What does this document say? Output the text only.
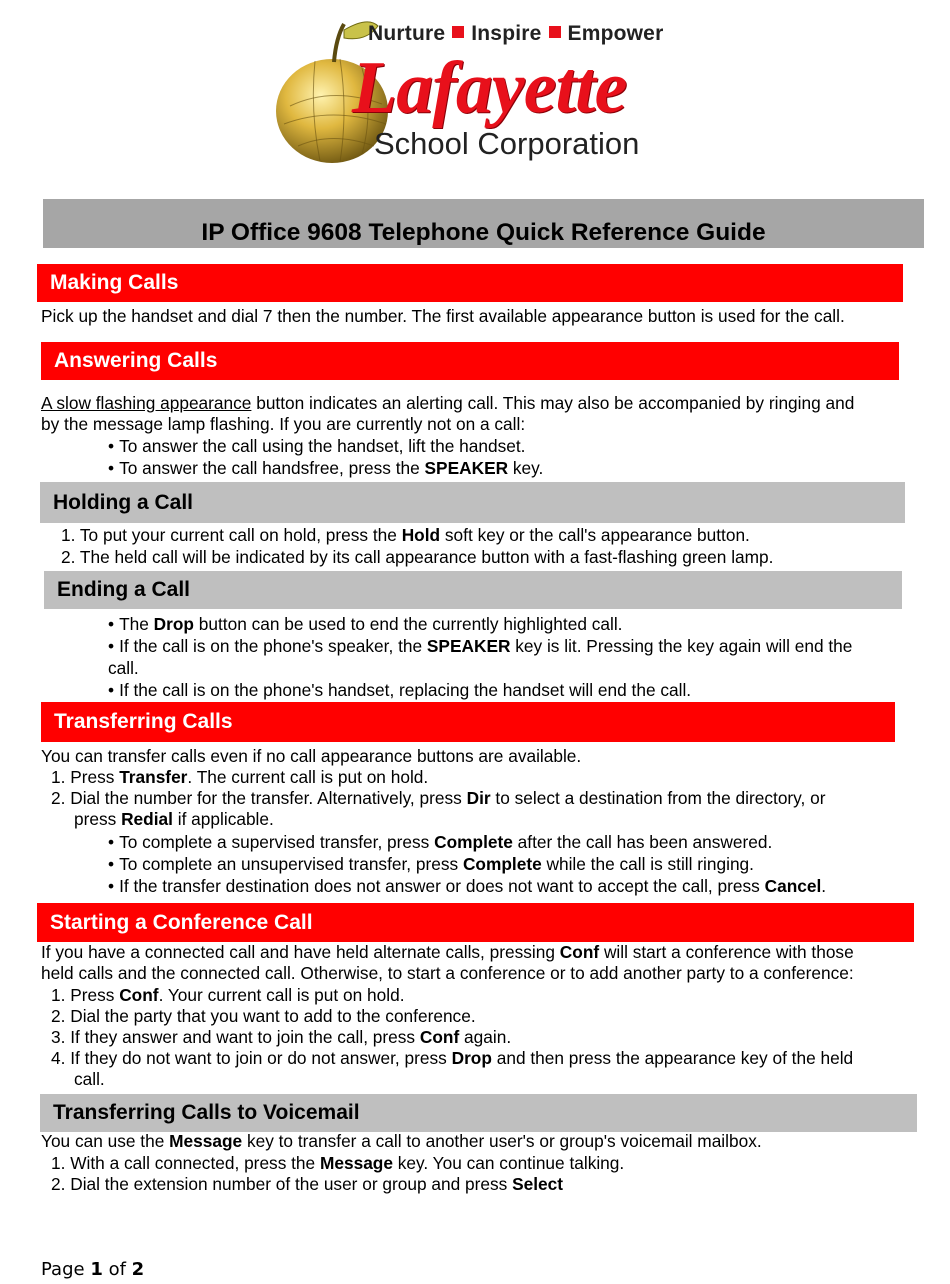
Nurture Inspire Empower
Lafayette
School Corporation
IP Office 9608 Telephone Quick Reference Guide
Making Calls
Pick up the handset and dial 7 then the number. The first available appearance button is used for the call.
Answering Calls
A slow flashing appearance button indicates an alerting call. This may also be accompanied by ringing and
by the message lamp flashing. If you are currently not on a call:
• To answer the call using the handset, lift the handset.
• To answer the call handsfree, press the SPEAKER key.
Holding a Call
1. To put your current call on hold, press the Hold soft key or the call's appearance button.
2. The held call will be indicated by its call appearance button with a fast-flashing green lamp.
Ending a Call
• The Drop button can be used to end the currently highlighted call.
• If the call is on the phone's speaker, the SPEAKER key is lit. Pressing the key again will end the
call.
• If the call is on the phone's handset, replacing the handset will end the call.
Transferring Calls
You can transfer calls even if no call appearance buttons are available.
1. Press Transfer. The current call is put on hold.
2. Dial the number for the transfer. Alternatively, press Dir to select a destination from the directory, or
press Redial if applicable.
• To complete a supervised transfer, press Complete after the call has been answered.
• To complete an unsupervised transfer, press Complete while the call is still ringing.
• If the transfer destination does not answer or does not want to accept the call, press Cancel.
Starting a Conference Call
If you have a connected call and have held alternate calls, pressing Conf will start a conference with those
held calls and the connected call. Otherwise, to start a conference or to add another party to a conference:
1. Press Conf. Your current call is put on hold.
2. Dial the party that you want to add to the conference.
3. If they answer and want to join the call, press Conf again.
4. If they do not want to join or do not answer, press Drop and then press the appearance key of the held
call.
Transferring Calls to Voicemail
You can use the Message key to transfer a call to another user's or group's voicemail mailbox.
1. With a call connected, press the Message key. You can continue talking.
2. Dial the extension number of the user or group and press Select
Page 1 of 2
